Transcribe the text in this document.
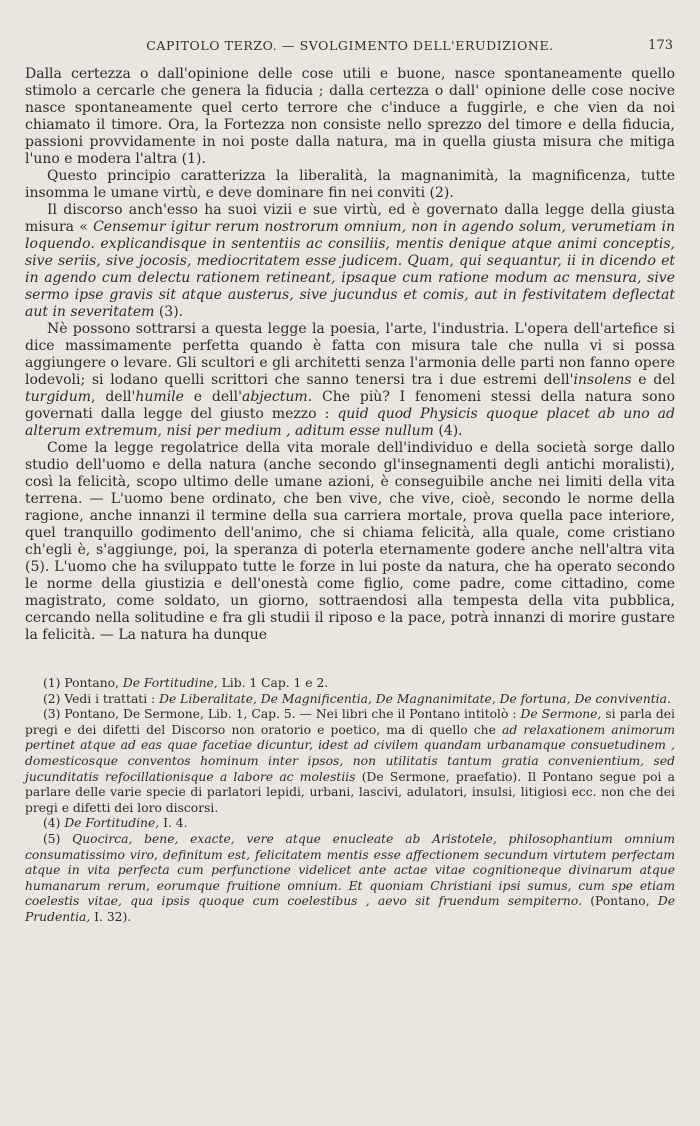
CAPITOLO TERZO. — SVOLGIMENTO DELL'ERUDIZIONE.	173

Dalla certezza o dall'opinione delle cose utili e buone, nasce spontaneamente quello stimolo a cercarle che genera la fiducia ; dalla certezza o dall' opinione delle cose nocive nasce spontaneamente quel certo terrore che c'induce a fuggirle, e che vien da noi chiamato il timore. Ora, la Fortezza non consiste nello sprezzo del timore e della fiducia, passioni provvidamente in noi poste dalla natura, ma in quella giusta misura che mitiga l'uno e modera l'altra (1).

Questo principio caratterizza la liberalità, la magnanimità, la magnificenza, tutte insomma le umane virtù, e deve dominare fin nei conviti (2).

Il discorso anch'esso ha suoi vizii e sue virtù, ed è governato dalla legge della giusta misura « Censemur igitur rerum nostrorum omnium, non in agendo solum, verumetiam in loquendo. explicandisque in sententiis ac consiliis, mentis denique atque animi conceptis, sive seriis, sive jocosis, mediocritatem esse judicem. Quam, qui sequantur, ii in dicendo et in agendo cum delectu rationem retineant, ipsaque cum ratione modum ac mensura, sive sermo ipse gravis sit atque austerus, sive jucundus et comis, aut in festivitatem deflectat aut in severitatem (3).

Nè possono sottrarsi a questa legge la poesia, l'arte, l'industria. L'opera dell'artefice si dice massimamente perfetta quando è fatta con misura tale che nulla vi si possa aggiungere o levare. Gli scultori e gli architetti senza l'armonia delle parti non fanno opere lodevoli; si lodano quelli scrittori che sanno tenersi tra i due estremi dell'insolens e del turgidum, dell'humile e dell'abjectum. Che più? I fenomeni stessi della natura sono governati dalla legge del giusto mezzo : quid quod Physicis quoque placet ab uno ad alterum extremum, nisi per medium , aditum esse nullum (4).

Come la legge regolatrice della vita morale dell'individuo e della società sorge dallo studio dell'uomo e della natura (anche secondo gl'insegnamenti degli antichi moralisti), così la felicità, scopo ultimo delle umane azioni, è conseguibile anche nei limiti della vita terrena. — L'uomo bene ordinato, che ben vive, che vive, cioè, secondo le norme della ragione, anche innanzi il termine della sua carriera mortale, prova quella pace interiore, quel tranquillo godimento dell'animo, che si chiama felicità, alla quale, come cristiano ch'egli è, s'aggiunge, poi, la speranza di poterla eternamente godere anche nell'altra vita (5). L'uomo che ha sviluppato tutte le forze in lui poste da natura, che ha operato secondo le norme della giustizia e dell'onestà come figlio, come padre, come cittadino, come magistrato, come soldato, un giorno, sottraendosi alla tempesta della vita pubblica, cercando nella solitudine e fra gli studii il riposo e la pace, potrà innanzi di morire gustare la felicità. — La natura ha dunque

(1) Pontano, De Fortitudine, Lib. 1 Cap. 1 e 2.

(2) Vedi i trattati : De Liberalitate, De Magnificentia, De Magnanimitate, De fortuna, De conviventia.

(3) Pontano, De Sermone, Lib. 1, Cap. 5. — Nei libri che il Pontano intitolò : De Sermone, si parla dei pregi e dei difetti del Discorso non oratorio e poetico, ma di quello che ad relaxationem animorum pertinet atque ad eas quae facetiae dicuntur, idest ad civilem quandam urbanamque consuetudinem , domesticosque conventos hominum inter ipsos, non utilitatis tantum gratia convenientium, sed jucunditatis refocillationisque a labore ac molestiis (De Sermone, praefatio). Il Pontano segue poi a parlare delle varie specie di parlatori lepidi, urbani, lascivi, adulatori, insulsi, litigiosi ecc. non che dei pregi e difetti dei loro discorsi.

(4) De Fortitudine, I. 4.

(5) Quocirca, bene, exacte, vere atque enucleate ab Aristotele, philosophantium omnium consumatissimo viro, definitum est, felicitatem mentis esse affectionem secundum virtutem perfectam atque in vita perfecta cum perfunctione videlicet ante actae vitae cognitioneque divinarum atque humanarum rerum, eorumque fruitione omnium. Et quoniam Christiani ipsi sumus, cum spe etiam coelestis vitae, qua ipsis quoque cum coelestibus , aevo sit fruendum sempiterno. (Pontano, De Prudentia, I. 32).
